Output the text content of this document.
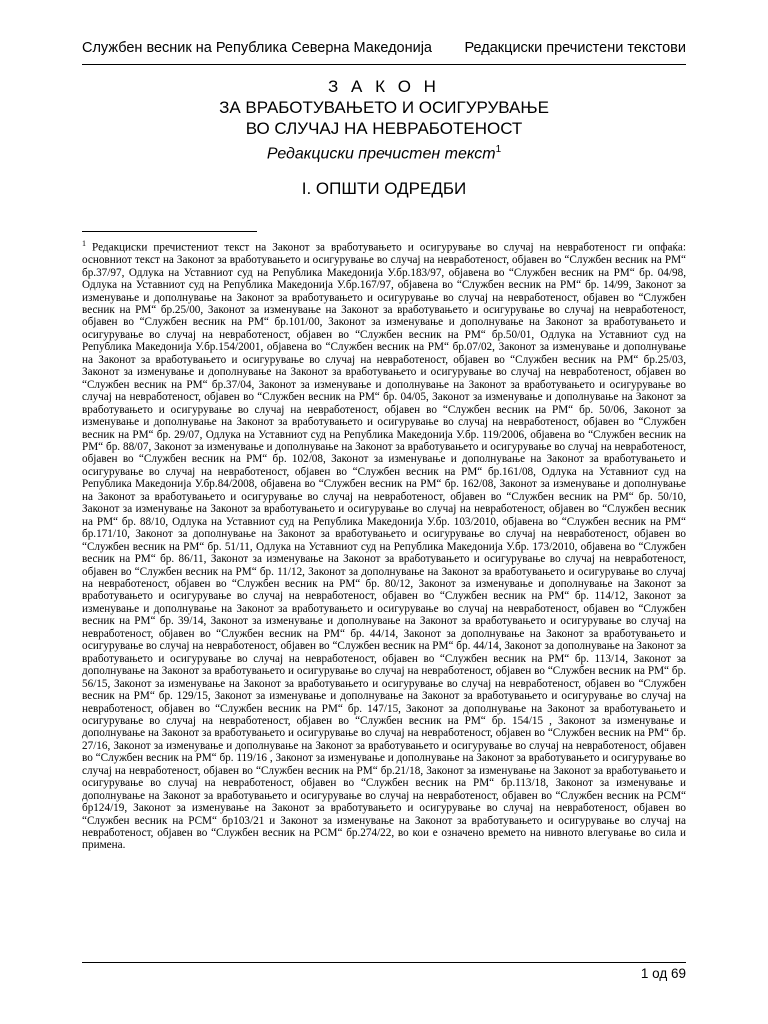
Службен весник на Република Северна Македонија Редакциски пречистени текстови
З А К О Н
ЗА ВРАБОТУВАЊЕТО И ОСИГУРУВАЊЕ
ВО СЛУЧАЈ НА НЕВРАБОТЕНОСТ
Редакциски пречистен текст$^1$
I. ОПШТИ ОДРЕДБИ
$^1$ Редакциски пречистениот текст на Законот за вработувањето и осигурување во случај на невработеност ги опфаќа: основниот текст на Законот за вработувањето и осигурување во случај на невработеност, објавен во “Службен весник на РМ“ бр.37/97, Одлука на Уставниот суд на Република Македонија У.бр.183/97, објавена во “Службен весник на РМ“ бр. 04/98, Одлука на Уставниот суд на Република Македонија У.бр.167/97, објавена во “Службен весник на РМ“ бр. 14/99, Законот за изменување и дополнување на Законот за вработувањето и осигурување во случај на невработеност, објавен во “Службен весник на РМ“ бр.25/00, Законот за изменување на Законот за вработувањето и осигурување во случај на невработеност, објавен во “Службен весник на РМ“ бр.101/00, Законот за изменување и дополнување на Законот за вработувањето и осигурување во случај на невработеност, објавен во “Службен весник на РМ“ бр.50/01, Одлука на Уставниот суд на Република Македонија У.бр.154/2001, објавена во “Службен весник на РМ“ бр.07/02, Законот за изменување и дополнување на Законот за вработувањето и осигурување во случај на невработеност, објавен во “Службен весник на РМ“ бр.25/03, Законот за изменување и дополнување на Законот за вработувањето и осигурување во случај на невработеност, објавен во “Службен весник на РМ“ бр.37/04, Законот за изменување и дополнување на Законот за вработувањето и осигурување во случај на невработеност, објавен во “Службен весник на РМ“ бр. 04/05, Законот за изменување и дополнување на Законот за вработувањето и осигурување во случај на невработеност, објавен во “Службен весник на РМ“ бр. 50/06, Законот за изменување и дополнување на Законот за вработувањето и осигурување во случај на невработеност, објавен во “Службен весник на РМ“ бр. 29/07, Одлука на Уставниот суд на Република Македонија У.бр. 119/2006, објавена во “Службен весник на РМ“ бр. 88/07, Законот за изменување и дополнување на Законот за вработувањето и осигурување во случај на невработеност, објавен во “Службен весник на РМ“ бр. 102/08, Законот за изменување и дополнување на Законот за вработувањето и осигурување во случај на невработеност, објавен во “Службен весник на РМ“ бр.161/08, Одлука на Уставниот суд на Република Македонија У.бр.84/2008, објавена во “Службен весник на РМ“ бр. 162/08, Законот за изменување и дополнување на Законот за вработувањето и осигурување во случај на невработеност, објавен во “Службен весник на РМ“ бр. 50/10, Законот за изменување на Законот за вработувањето и осигурување во случај на невработеност, објавен во “Службен весник на РМ“ бр. 88/10, Одлука на Уставниот суд на Република Македонија У.бр. 103/2010, објавена во “Службен весник на РМ“ бр.171/10, Законот за дополнување на Законот за вработувањето и осигурување во случај на невработеност, објавен во “Службен весник на РМ“ бр. 51/11, Одлука на Уставниот суд на Република Македонија У.бр. 173/2010, објавена во “Службен весник на РМ“ бр. 86/11, Законот за изменување на Законот за вработувањето и осигурување во случај на невработеност, објавен во “Службен весник на РМ“ бр. 11/12, Законот за дополнување на Законот за вработувањето и осигурување во случај на невработеност, објавен во “Службен весник на РМ“ бр. 80/12, Законот за изменување и дополнување на Законот за вработувањето и осигурување во случај на невработеност, објавен во “Службен весник на РМ“ бр. 114/12, Законот за изменување и дополнување на Законот за вработувањето и осигурување во случај на невработеност, објавен во “Службен весник на РМ“ бр. 39/14, Законот за изменување и дополнување на Законот за вработувањето и осигурување во случај на невработеност, објавен во “Службен весник на РМ“ бр. 44/14, Законот за дополнување на Законот за вработувањето и осигурување во случај на невработеност, објавен во “Службен весник на РМ“ бр. 44/14, Законот за дополнување на Законот за вработувањето и осигурување во случај на невработеност, објавен во “Службен весник на РМ“ бр. 113/14, Законот за дополнување на Законот за вработувањето и осигурување во случај на невработеност, објавен во “Службен весник на РМ“ бр. 56/15, Законот за изменување на Законот за вработувањето и осигурување во случај на невработеност, објавен во “Службен весник на РМ“ бр. 129/15, Законот за изменување и дополнување на Законот за вработувањето и осигурување во случај на невработеност, објавен во “Службен весник на РМ“ бр. 147/15, Законот за дополнување на Законот за вработувањето и осигурување во случај на невработеност, објавен во “Службен весник на РМ“ бр. 154/15 , Законот за изменување и дополнување на Законот за вработувањето и осигурување во случај на невработеност, објавен во “Службен весник на РМ“ бр. 27/16, Законот за изменување и дополнување на Законот за вработувањето и осигурување во случај на невработеност, објавен во “Службен весник на РМ“ бр. 119/16 , Законот за изменување и дополнување на Законот за вработувањето и осигурување во случај на невработеност, објавен во “Службен весник на РМ“ бр.21/18, Законот за изменување на Законот за вработувањето и осигурување во случај на невработеност, објавен во “Службен весник на РМ“ бр.113/18, Законот за изменување и дополнување на Законот за вработувањето и осигурување во случај на невработеност, објавен во “Службен весник на РСМ“ бр124/19, Законот за изменување на Законот за вработувањето и осигурување во случај на невработеност, објавен во “Службен весник на РСМ“ бр103/21 и Законот за изменување на Законот за вработувањето и осигурување во случај на невработеност, објавен во “Службен весник на РСМ“ бр.274/22, во кои е означено времето на нивното влегување во сила и примена.
1 од 69
